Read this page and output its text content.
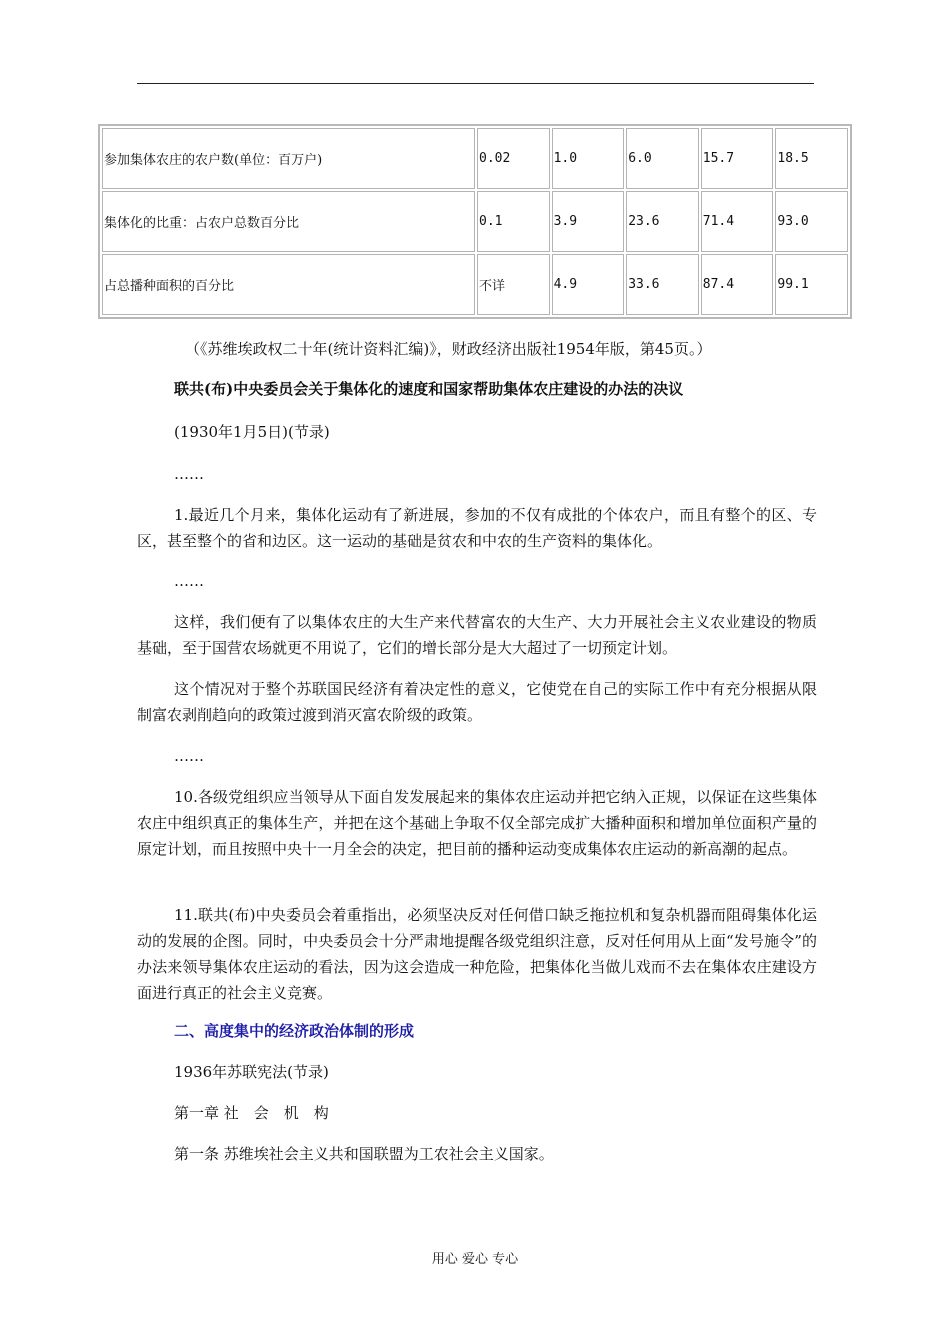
参加集体农庄的农户数(单位：百万户)	0.02	1.0	6.0	15.7	18.5
集体化的比重：占农户总数百分比	0.1	3.9	23.6	71.4	93.0
占总播种面积的百分比	不详	4.9	33.6	87.4	99.1
（《苏维埃政权二十年(统计资料汇编)》，财政经济出版社1954年版，第45页。）
联共(布)中央委员会关于集体化的速度和国家帮助集体农庄建设的办法的决议
(1930年1月5日)(节录)
……
1.最近几个月来，集体化运动有了新进展，参加的不仅有成批的个体农户，而且有整个的区、专区，甚至整个的省和边区。这一运动的基础是贫农和中农的生产资料的集体化。
……
这样，我们便有了以集体农庄的大生产来代替富农的大生产、大力开展社会主义农业建设的物质基础，至于国营农场就更不用说了，它们的增长部分是大大超过了一切预定计划。
这个情况对于整个苏联国民经济有着决定性的意义，它使党在自己的实际工作中有充分根据从限制富农剥削趋向的政策过渡到消灭富农阶级的政策。
……
10.各级党组织应当领导从下面自发发展起来的集体农庄运动并把它纳入正规，以保证在这些集体农庄中组织真正的集体生产，并把在这个基础上争取不仅全部完成扩大播种面积和增加单位面积产量的原定计划，而且按照中央十一月全会的决定，把目前的播种运动变成集体农庄运动的新高潮的起点。
11.联共(布)中央委员会着重指出，必须坚决反对任何借口缺乏拖拉机和复杂机器而阻碍集体化运动的发展的企图。同时，中央委员会十分严肃地提醒各级党组织注意，反对任何用从上面“发号施令”的办法来领导集体农庄运动的看法，因为这会造成一种危险，把集体化当做儿戏而不去在集体农庄建设方面进行真正的社会主义竞赛。
二、高度集中的经济政治体制的形成
1936年苏联宪法(节录)
第一章 社　会　机　构
第一条 苏维埃社会主义共和国联盟为工农社会主义国家。
用心 爱心 专心
